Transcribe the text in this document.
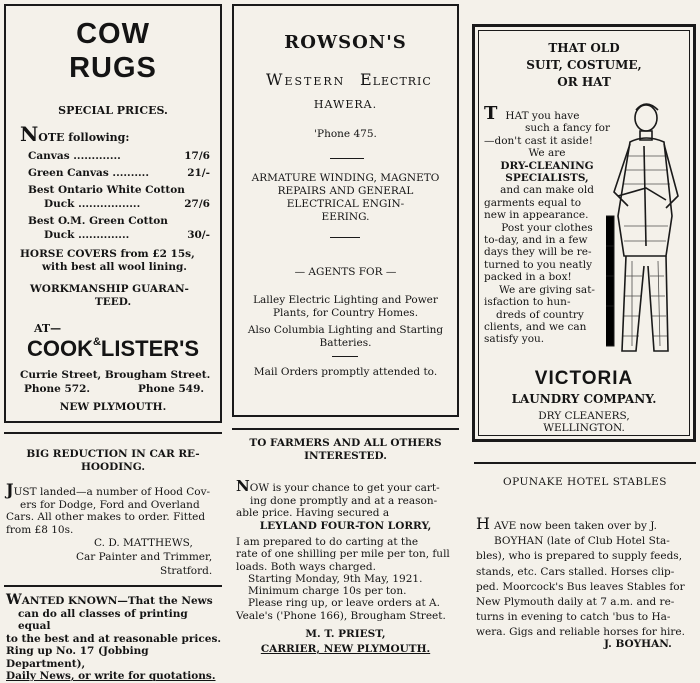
COW
RUGS
SPECIAL PRICES.
NOTE following:
Canvas .............	17/6
Green Canvas ..........	21/-
Best Ontario White Cotton
Duck .................	27/6
Best O.M. Green Cotton
Duck ..............	30/-
HORSE COVERS from £2 15s,
with best all wool lining.
WORKMANSHIP GUARAN-
TEED.
AT—
COOK&LISTER'S
Currie Street, Brougham Street.
Phone 572.	Phone 549.
NEW PLYMOUTH.
ROWSON'S
WESTERN ELECTRIC
HAWERA.
'Phone 475.
ARMATURE WINDING, MAGNETO
REPAIRS AND GENERAL
ELECTRICAL ENGIN-
EERING.
— AGENTS FOR —
Lalley Electric Lighting and Power
Plants, for Country Homes.
Also Columbia Lighting and Starting
Batteries.
Mail Orders promptly attended to.
THAT OLD
SUIT, COSTUME,
OR HAT
THAT you have
such a fancy for
—don't cast it aside!
We are
DRY-CLEANING
SPECIALISTS,
and can make old
garments equal to
new in appearance.
Post your clothes
to-day, and in a few
days they will be re-
turned to you neatly
packed in a box!
We are giving sat-
isfaction to hun-
dreds of country
clients, and we can
satisfy you.
VICTORIA
LAUNDRY COMPANY.
DRY CLEANERS,
WELLINGTON.
BIG REDUCTION IN CAR RE-
HOODING.
JUST landed—a number of Hood Cov-
ers for Dodge, Ford and Overland
Cars. All other makes to order. Fitted
from £8 10s.
C. D. MATTHEWS,
Car Painter and Trimmer,
Stratford.
WANTED KNOWN—That the News
can do all classes of printing equal
to the best and at reasonable prices.
Ring up No. 17 (Jobbing Department),
Daily News, or write for quotations.
TO FARMERS AND ALL OTHERS
INTERESTED.
NOW is your chance to get your cart-
ing done promptly and at a reason-
able price. Having secured a
LEYLAND FOUR-TON LORRY,
I am prepared to do carting at the
rate of one shilling per mile per ton, full
loads. Both ways charged.
Starting Monday, 9th May, 1921.
Minimum charge 10s per ton.
Please ring up, or leave orders at A.
Veale's ('Phone 166), Brougham Street.
M. T. PRIEST,
CARRIER, NEW PLYMOUTH.
OPUNAKE HOTEL STABLES
HAVE now been taken over by J.
BOYHAN (late of Club Hotel Sta-
bles), who is prepared to supply feeds,
stands, etc. Cars stalled. Horses clip-
ped. Moorcock's Bus leaves Stables for
New Plymouth daily at 7 a.m. and re-
turns in evening to catch 'bus to Ha-
wera. Gigs and reliable horses for hire.
J. BOYHAN.
